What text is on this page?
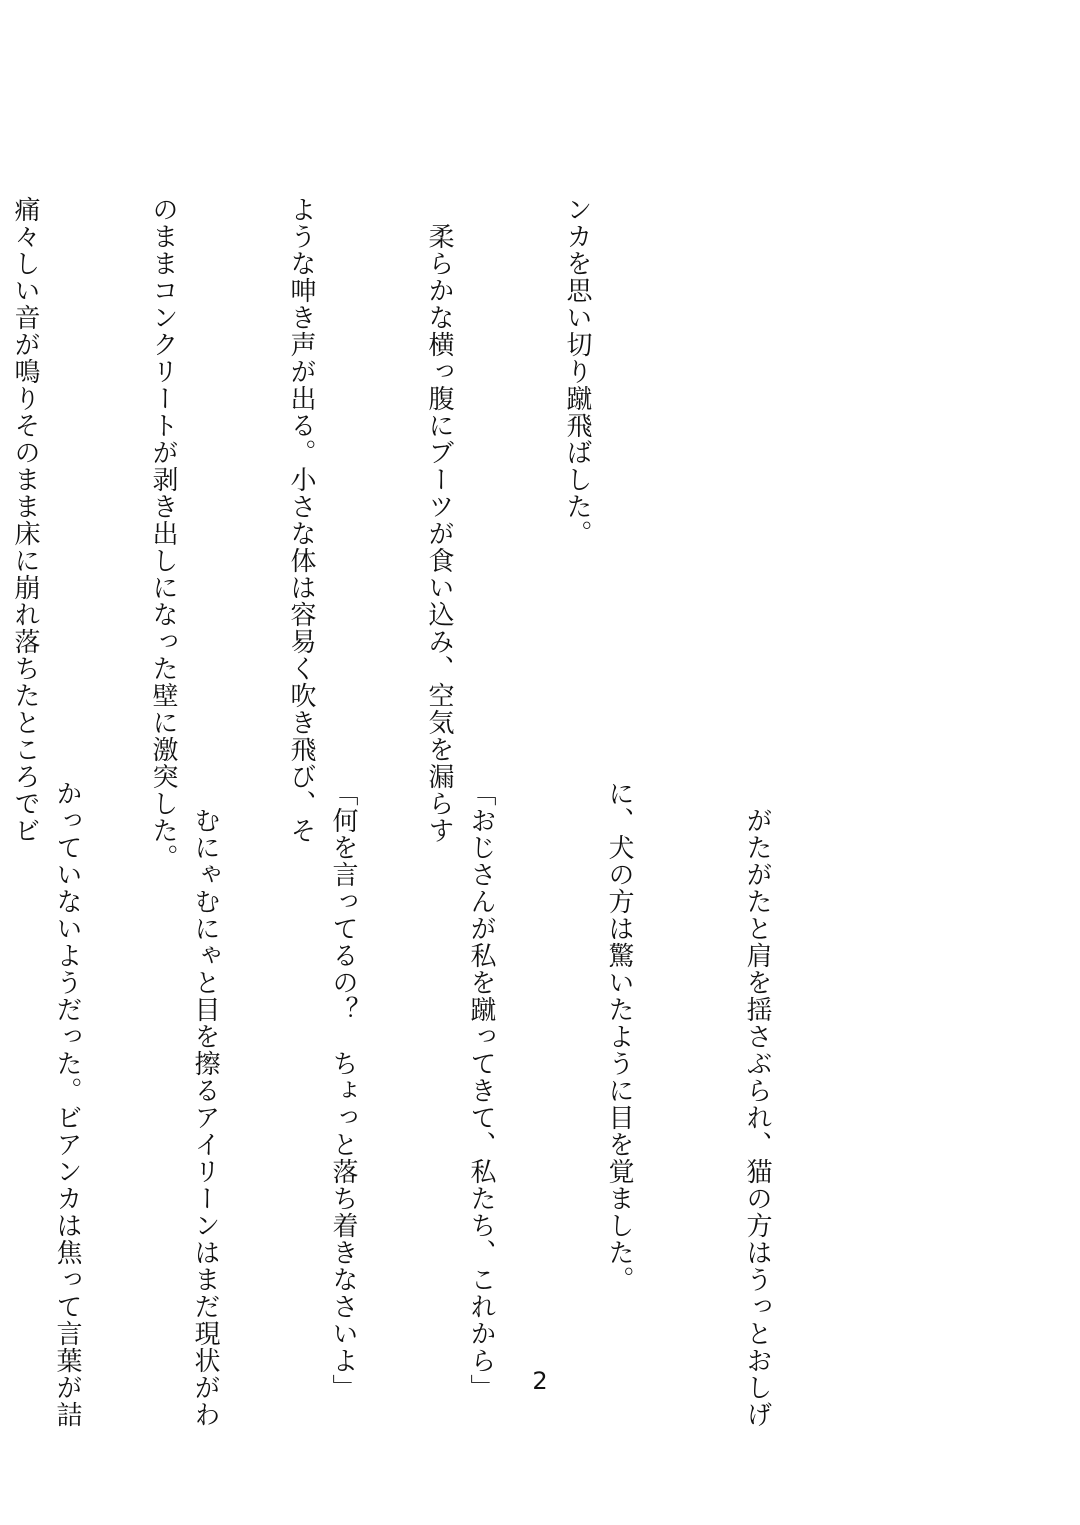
ンカを思い切り蹴飛ばした。

　柔らかな横っ腹にブーツが食い込み、空気を漏らす

ような呻き声が出る。小さな体は容易く吹き飛び、そ

のままコンクリートが剥き出しになった壁に激突した。

痛々しい音が鳴りそのまま床に崩れ落ちたところでビ

　がたがたと肩を揺さぶられ、猫の方はうっとおしげ

に、犬の方は驚いたように目を覚ました。

「おじさんが私を蹴ってきて、私たち、これから」

「何を言ってるの？　ちょっと落ち着きなさいよ」

　むにゃむにゃと目を擦るアイリーンはまだ現状がわ

かっていないようだった。ビアンカは焦って言葉が詰

	2
